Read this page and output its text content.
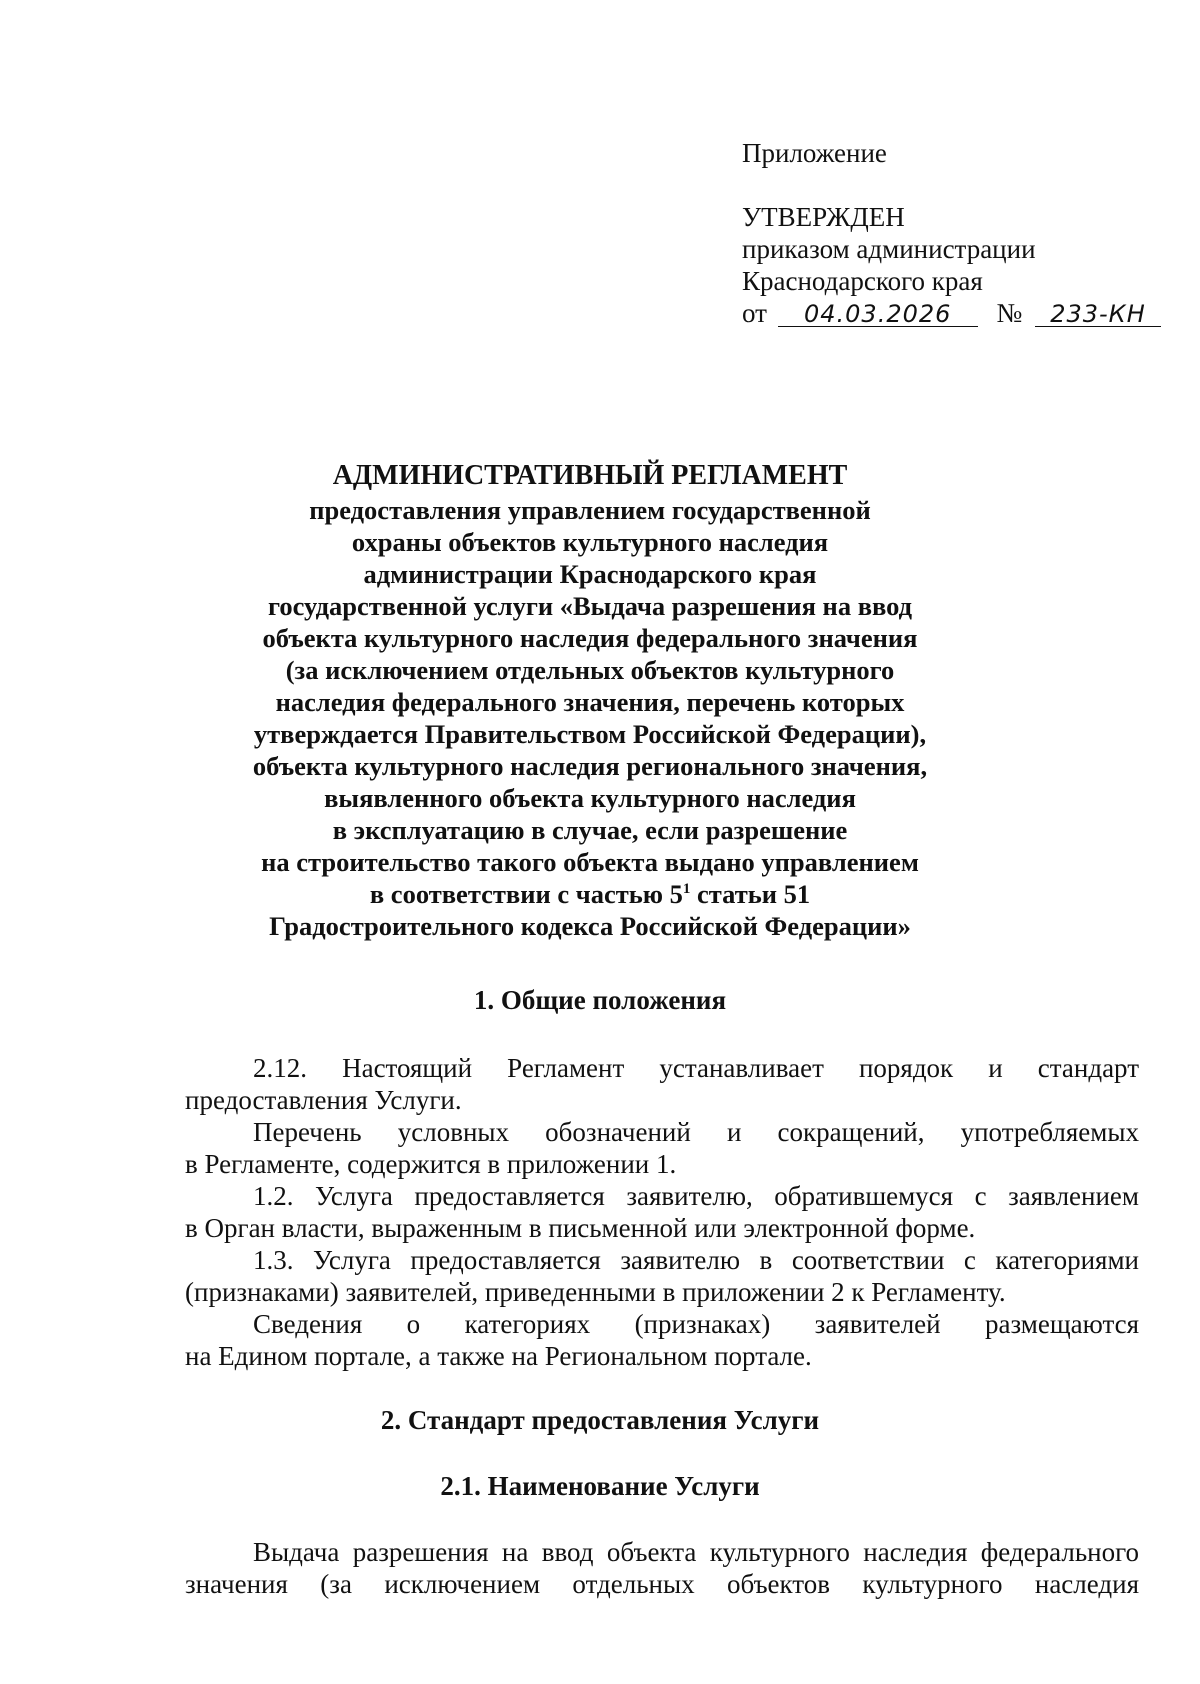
Приложение
УТВЕРЖДЕН
приказом администрации
Краснодарского края
от 04.03.2026 № 233-КН
АДМИНИСТРАТИВНЫЙ РЕГЛАМЕНТ
предоставления управлением государственной
охраны объектов культурного наследия
администрации Краснодарского края
государственной услуги «Выдача разрешения на ввод
объекта культурного наследия федерального значения
(за исключением отдельных объектов культурного
наследия федерального значения, перечень которых
утверждается Правительством Российской Федерации),
объекта культурного наследия регионального значения,
выявленного объекта культурного наследия
в эксплуатацию в случае, если разрешение
на строительство такого объекта выдано управлением
в соответствии с частью $5^1$ статьи 51
Градостроительного кодекса Российской Федерации»
1. Общие положения
2.12. Настоящий Регламент устанавливает порядок и стандарт
предоставления Услуги.
Перечень условных обозначений и сокращений, употребляемых
в Регламенте, содержится в приложении 1.
1.2. Услуга предоставляется заявителю, обратившемуся с заявлением
в Орган власти, выраженным в письменной или электронной форме.
1.3. Услуга предоставляется заявителю в соответствии с категориями
(признаками) заявителей, приведенными в приложении 2 к Регламенту.
Сведения о категориях (признаках) заявителей размещаются
на Едином портале, а также на Региональном портале.
2. Стандарт предоставления Услуги
2.1. Наименование Услуги
Выдача разрешения на ввод объекта культурного наследия федерального
значения (за исключением отдельных объектов культурного наследия
